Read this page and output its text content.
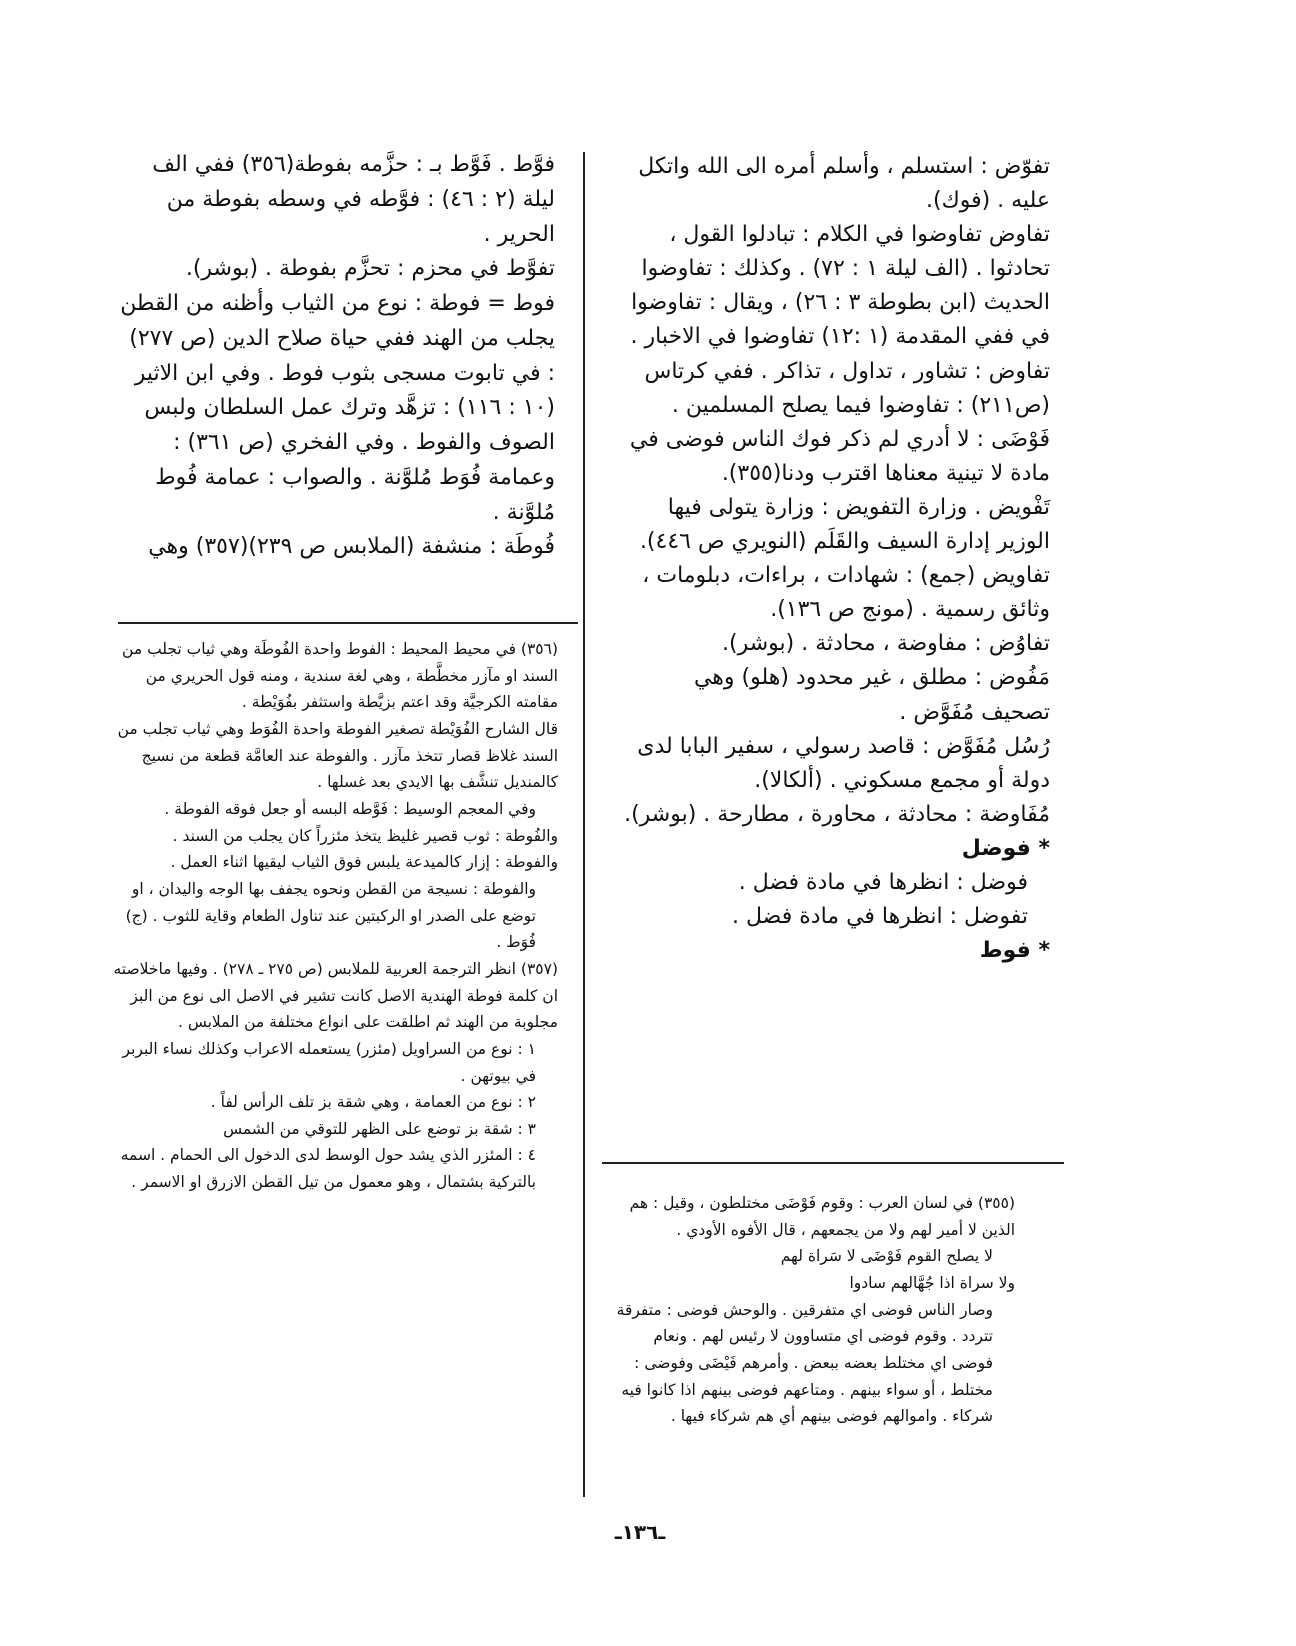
تفوّض : استسلم ، وأسلم أمره الى الله واتكل عليه . (فوك).

تفاوض تفاوضوا في الكلام : تبادلوا القول ، تحادثوا . (الف ليلة ١ : ٧٢) . وكذلك : تفاوضوا الحديث (ابن بطوطة ٣ : ٢٦) ، ويقال : تفاوضوا في ففي المقدمة (١ :١٢) تفاوضوا في الاخبار . تفاوض : تشاور ، تداول ، تذاكر . ففي كرتاس (ص٢١١) : تفاوضوا فيما يصلح المسلمين .

فَوْضَى : لا أدري لم ذكر فوك الناس فوضى في مادة لا تينية معناها اقترب ودنا(٣٥٥).

تَفْويض . وزارة التفويض : وزارة يتولى فيها الوزير إدارة السيف والقَلَم (النويري ص ٤٤٦).

تفاويض (جمع) : شهادات ، براءات، دبلومات ، وثائق رسمية . (مونج ص ١٣٦).

تفاوُض : مفاوضة ، محادثة . (بوشر).

مَفُوض : مطلق ، غير محدود (هلو) وهي تصحيف مُفَوَّض .

رُسُل مُفَوَّض : قاصد رسولي ، سفير البابا لدى دولة أو مجمع مسكوني . (ألكالا).

مُفَاوضة : محادثة ، محاورة ، مطارحة . (بوشر).

* فوضل

فوضل : انظرها في مادة فضل .

تفوضل : انظرها في مادة فضل .

* فوط

فوَّط . فَوَّط بـ : حزَّمه بفوطة(٣٥٦) ففي الف ليلة (٢ : ٤٦) : فوَّطه في وسطه بفوطة من الحرير .

تفوَّط في محزم : تحزَّم بفوطة . (بوشر).

فوط = فوطة : نوع من الثياب وأظنه من القطن يجلب من الهند ففي حياة صلاح الدين (ص ٢٧٧) : في تابوت مسجى بثوب فوط . وفي ابن الاثير (١٠ : ١١٦) : تزهَّد وترك عمل السلطان ولبس الصوف والفوط . وفي الفخري (ص ٣٦١) : وعمامة فُوَط مُلوَّنة . والصواب : عمامة فُوط مُلوَّنة .

فُوطَة : منشفة (الملابس ص ٢٣٩)(٣٥٧) وهي

(٣٥٦) في محيط المحيط : الفوط واحدة الفُوطَة وهي ثياب تجلب من السند او مآزر مخطَّطة ، وهي لغة سندية ، ومنه قول الحريري من مقامته الكرجيَّة وقد اعتم بزيَّطة واستثفر بفُوَيْطة .

قال الشارح الفُوَيْطة تصغير الفوطة واحدة الفُوَط وهي ثياب تجلب من السند غلاظ قصار تتخذ مآزر . والفوطة عند العامَّة قطعة من نسيج كالمنديل تنشَّف بها الايدي بعد غسلها .

وفي المعجم الوسيط : فَوَّطه البسه أو جعل فوقه الفوطة .

والفُوطة : ثوب قصير غليظ يتخذ مئزراً كان يجلب من السند .

والفوطة : إزار كالميدعة يلبس فوق الثياب ليقيها اثناء العمل .

والفوطة : نسيجة من القطن ونحوه يجفف بها الوجه واليدان ، او توضع على الصدر او الركبتين عند تناول الطعام وقاية للثوب . (ج) فُوَط .

(٣٥٧) انظر الترجمة العربية للملابس (ص ٢٧٥ ـ ٢٧٨) . وفيها ماخلاصته ان كلمة فوطة الهندية الاصل كانت تشير في الاصل الى نوع من البز مجلوبة من الهند ثم اطلقت على انواع مختلفة من الملابس .

١ : نوع من السراويل (مئزر) يستعمله الاعراب وكذلك نساء البربر في بيوتهن .

٢ : نوع من العمامة ، وهي شقة بز تلف الرأس لفاً .

٣ : شقة بز توضع على الظهر للتوقي من الشمس

٤ : المئزر الذي يشد حول الوسط لدى الدخول الى الحمام . اسمه بالتركية بشتمال ، وهو معمول من تيل القطن الازرق او الاسمر .

(٣٥٥) في لسان العرب : وقوم فَوْضَى مختلطون ، وقيل : هم الذين لا أمير لهم ولا من يجمعهم ، قال الأفوه الأودي .

لا يصلح القوم فَوْضَى لا سَراة لهم

ولا سراة اذا جُهَّالهم سادوا

وصار الناس فوضى اي متفرقين . والوحش فوضى : متفرقة تتردد . وقوم فوضى اي متساوون لا رئيس لهم . ونعام فوضى اي مختلط بعضه ببعض . وأمرهم فَيْضَى وفوضى : مختلط ، أو سواء بينهم . ومتاعهم فوضى بينهم اذا كانوا فيه شركاء . واموالهم فوضى بينهم أي هم شركاء فيها .

ـ١٣٦ـ
